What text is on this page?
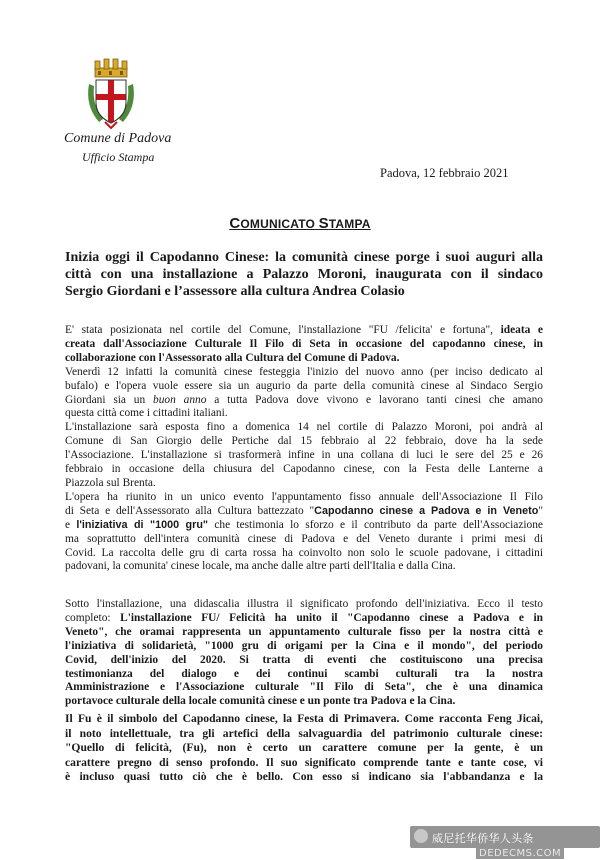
Comune di Padova
Ufficio Stampa
Padova, 12 febbraio 2021
COMUNICATO STAMPA
Inizia oggi il Capodanno Cinese: la comunità cinese porge i suoi auguri alla
città con una installazione a Palazzo Moroni, inaugurata con il sindaco
Sergio Giordani e l’assessore alla cultura Andrea Colasio
E' stata posizionata nel cortile del Comune, l'installazione "FU /felicita' e fortuna", ideata e
creata dall'Associazione Culturale Il Filo di Seta in occasione del capodanno cinese, in
collaborazione con l'Assessorato alla Cultura del Comune di Padova.
Venerdì 12 infatti la comunità cinese festeggia l'inizio del nuovo anno (per inciso dedicato al
bufalo) e l'opera vuole essere sia un augurio da parte della comunità cinese al Sindaco Sergio
Giordani sia un buon anno a tutta Padova dove vivono e lavorano tanti cinesi che amano
questa città come i cittadini italiani.
L'installazione sarà esposta fino a domenica 14 nel cortile di Palazzo Moroni, poi andrà al
Comune di San Giorgio delle Pertiche dal 15 febbraio al 22 febbraio, dove ha la sede
l'Associazione. L'installazione si trasformerà infine in una collana di luci le sere del 25 e 26
febbraio in occasione della chiusura del Capodanno cinese, con la Festa delle Lanterne a
Piazzola sul Brenta.
L'opera ha riunito in un unico evento l'appuntamento fisso annuale dell'Associazione Il Filo
di Seta e dell'Assessorato alla Cultura battezzato "Capodanno cinese a Padova e in Veneto"
e l'iniziativa di "1000 gru" che testimonia lo sforzo e il contributo da parte dell'Associazione
ma soprattutto dell'intera comunità cinese di Padova e del Veneto durante i primi mesi di
Covid. La raccolta delle gru di carta rossa ha coinvolto non solo le scuole padovane, i cittadini
padovani, la comunita' cinese locale, ma anche dalle altre parti dell'Italia e dalla Cina.
Sotto l'installazione, una didascalia illustra il significato profondo dell'iniziativa. Ecco il testo
completo: L'installazione FU/ Felicità ha unito il "Capodanno cinese a Padova e in
Veneto", che oramai rappresenta un appuntamento culturale fisso per la nostra città e
l'iniziativa di solidarietà, "1000 gru di origami per la Cina e il mondo", del periodo
Covid, dell'inizio del 2020. Si tratta di eventi che costituiscono una precisa
testimonianza del dialogo e dei continui scambi culturali tra la nostra
Amministrazione e l'Associazione culturale "Il Filo di Seta", che è una dinamica
portavoce culturale della locale comunità cinese e un ponte tra Padova e la Cina.
Il Fu è il simbolo del Capodanno cinese, la Festa di Primavera. Come racconta Feng Jicai,
il noto intellettuale, tra gli artefici della salvaguardia del patrimonio culturale cinese:
"Quello di felicità, (Fu), non è certo un carattere comune per la gente, è un
carattere pregno di senso profondo. Il suo significato comprende tante e tante cose, vi
è incluso quasi tutto ciò che è bello. Con esso si indicano sia l'abbandanza e la
威尼托华侨华人头条
DEDECMS.COM
